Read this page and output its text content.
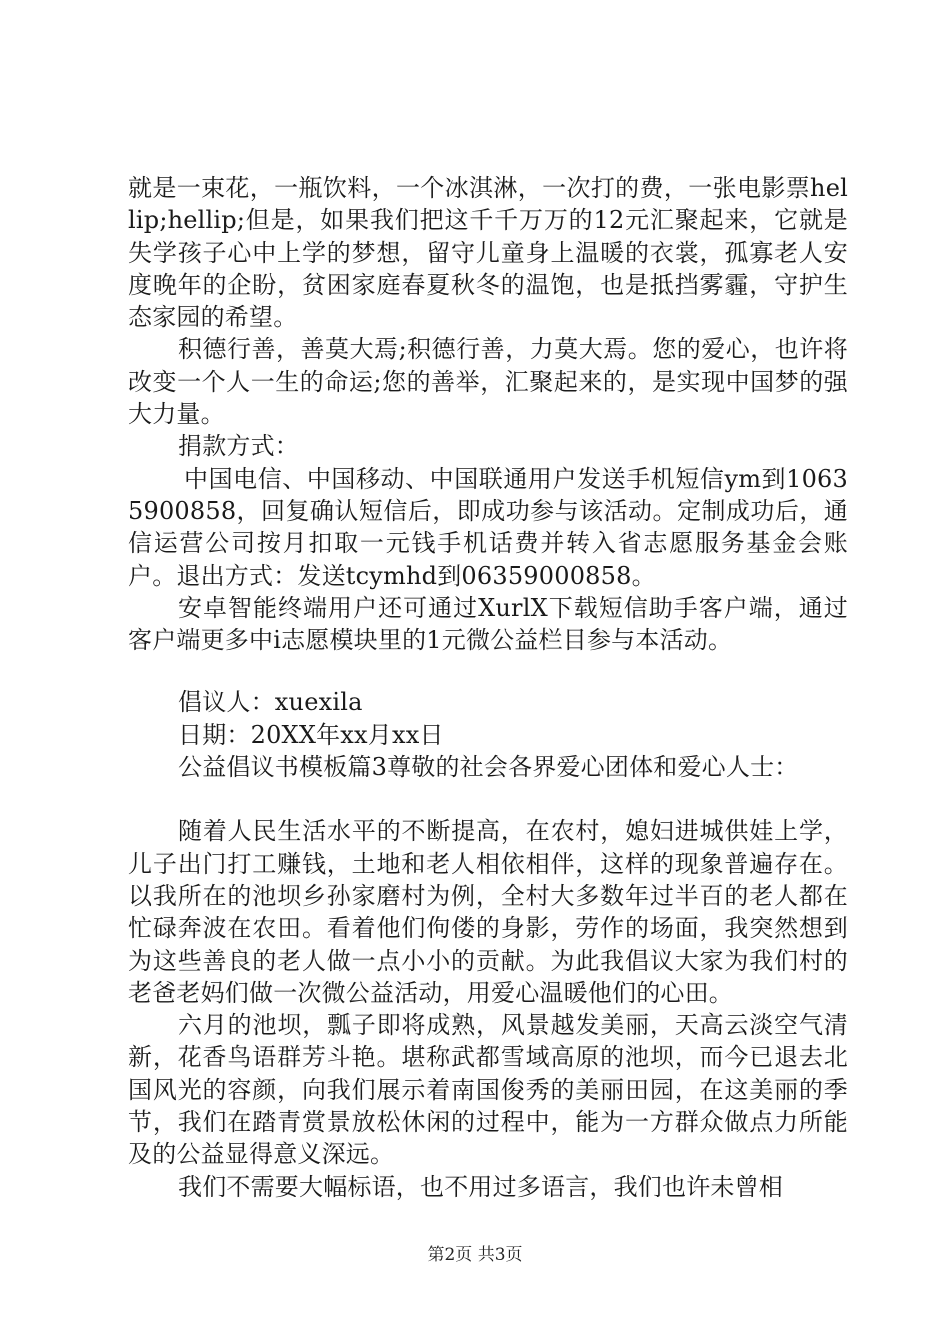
就是一束花，一瓶饮料，一个冰淇淋，一次打的费，一张电影票hellip;hellip;但是，如果我们把这千千万万的12元汇聚起来，它就是失学孩子心中上学的梦想，留守儿童身上温暖的衣裳，孤寡老人安度晚年的企盼，贫困家庭春夏秋冬的温饱，也是抵挡雾霾，守护生态家园的希望。

积德行善，善莫大焉;积德行善，力莫大焉。您的爱心，也许将改变一个人一生的命运;您的善举，汇聚起来的，是实现中国梦的强大力量。

捐款方式：

中国电信、中国移动、中国联通用户发送手机短信ym到10635900858，回复确认短信后，即成功参与该活动。定制成功后，通信运营公司按月扣取一元钱手机话费并转入省志愿服务基金会账户。退出方式：发送tcymhd到06359000858。

安卓智能终端用户还可通过XurlX下载短信助手客户端，通过客户端更多中i志愿模块里的1元微公益栏目参与本活动。

倡议人：xuexila

日期：20XX年xx月xx日

公益倡议书模板篇3尊敬的社会各界爱心团体和爱心人士：

随着人民生活水平的不断提高，在农村，媳妇进城供娃上学，儿子出门打工赚钱，土地和老人相依相伴，这样的现象普遍存在。以我所在的池坝乡孙家磨村为例，全村大多数年过半百的老人都在忙碌奔波在农田。看着他们佝偻的身影，劳作的场面，我突然想到为这些善良的老人做一点小小的贡献。为此我倡议大家为我们村的老爸老妈们做一次微公益活动，用爱心温暖他们的心田。

六月的池坝，瓢子即将成熟，风景越发美丽，天高云淡空气清新，花香鸟语群芳斗艳。堪称武都雪域高原的池坝，而今已退去北国风光的容颜，向我们展示着南国俊秀的美丽田园，在这美丽的季节，我们在踏青赏景放松休闲的过程中，能为一方群众做点力所能及的公益显得意义深远。

我们不需要大幅标语，也不用过多语言，我们也许未曾相

第2页 共3页
